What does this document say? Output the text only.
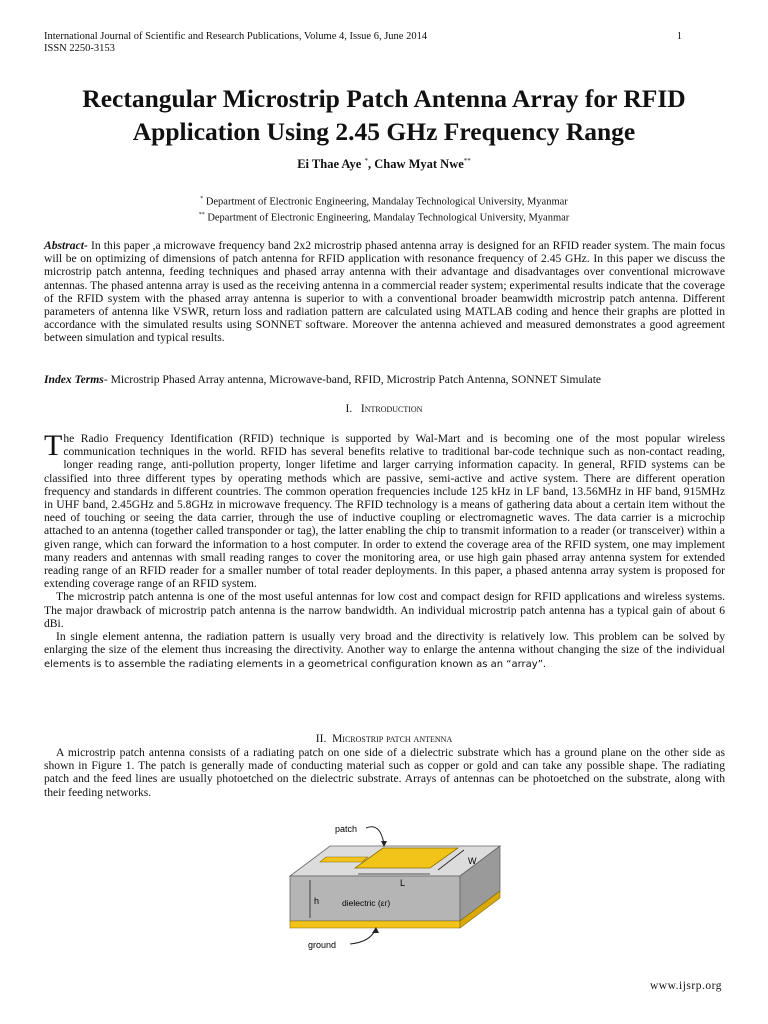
International Journal of Scientific and Research Publications, Volume 4, Issue 6, June 2014
ISSN 2250-3153
1
Rectangular Microstrip Patch Antenna Array for RFID
Application Using 2.45 GHz Frequency Range
Ei Thae Aye *, Chaw Myat Nwe**
* Department of Electronic Engineering, Mandalay Technological University, Myanmar
** Department of Electronic Engineering, Mandalay Technological University, Myanmar
Abstract- In this paper ,a microwave frequency band 2x2 microstrip phased antenna array is designed for an RFID reader system. The main focus will be on optimizing of dimensions of patch antenna for RFID application with resonance frequency of 2.45 GHz. In this paper we discuss the microstrip patch antenna, feeding techniques and phased array antenna with their advantage and disadvantages over conventional microwave antennas. The phased antenna array is used as the receiving antenna in a commercial reader system; experimental results indicate that the coverage of the RFID system with the phased array antenna is superior to with a conventional broader beamwidth microstrip patch antenna. Different parameters of antenna like VSWR, return loss and radiation pattern are calculated using MATLAB coding and hence their graphs are plotted in accordance with the simulated results using SONNET software. Moreover the antenna achieved and measured demonstrates a good agreement between simulation and typical results.
Index Terms- Microstrip Phased Array antenna, Microwave-band, RFID, Microstrip Patch Antenna, SONNET Simulate
I. Introduction

The Radio Frequency Identification (RFID) technique is supported by Wal-Mart and is becoming one of the most popular wireless communication techniques in the world. RFID has several benefits relative to traditional bar-code technique such as non-contact reading, longer reading range, anti-pollution property, longer lifetime and larger carrying information capacity. In general, RFID systems can be classified into three different types by operating methods which are passive, semi-active and active system. There are different operation frequency and standards in different countries. The common operation frequencies include 125 kHz in LF band, 13.56MHz in HF band, 915MHz in UHF band, 2.45GHz and 5.8GHz in microwave frequency. The RFID technology is a means of gathering data about a certain item without the need of touching or seeing the data carrier, through the use of inductive coupling or electromagnetic waves. The data carrier is a microchip attached to an antenna (together called transponder or tag), the latter enabling the chip to transmit information to a reader (or transceiver) within a given range, which can forward the information to a host computer. In order to extend the coverage area of the RFID system, one may implement many readers and antennas with small reading ranges to cover the monitoring area, or use high gain phased array antenna system for extended reading range of an RFID reader for a smaller number of total reader deployments. In this paper, a phased antenna array system is proposed for extending coverage range of an RFID system.

The microstrip patch antenna is one of the most useful antennas for low cost and compact design for RFID applications and wireless systems. The major drawback of microstrip patch antenna is the narrow bandwidth. An individual microstrip patch antenna has a typical gain of about 6 dBi.

In single element antenna, the radiation pattern is usually very broad and the directivity is relatively low. This problem can be solved by enlarging the size of the element thus increasing the directivity. Another way to enlarge the antenna without changing the size of the individual elements is to assemble the radiating elements in a geometrical configuration known as an “array”.

II. Microstrip patch antenna

A microstrip patch antenna consists of a radiating patch on one side of a dielectric substrate which has a ground plane on the other side as shown in Figure 1. The patch is generally made of conducting material such as copper or gold and can take any possible shape. The radiating patch and the feed lines are usually photoetched on the dielectric substrate. Arrays of antennas can be photoetched on the substrate, along with their feeding networks.

patch
L
W
h	dielectric (εr)
ground
www.ijsrp.org
